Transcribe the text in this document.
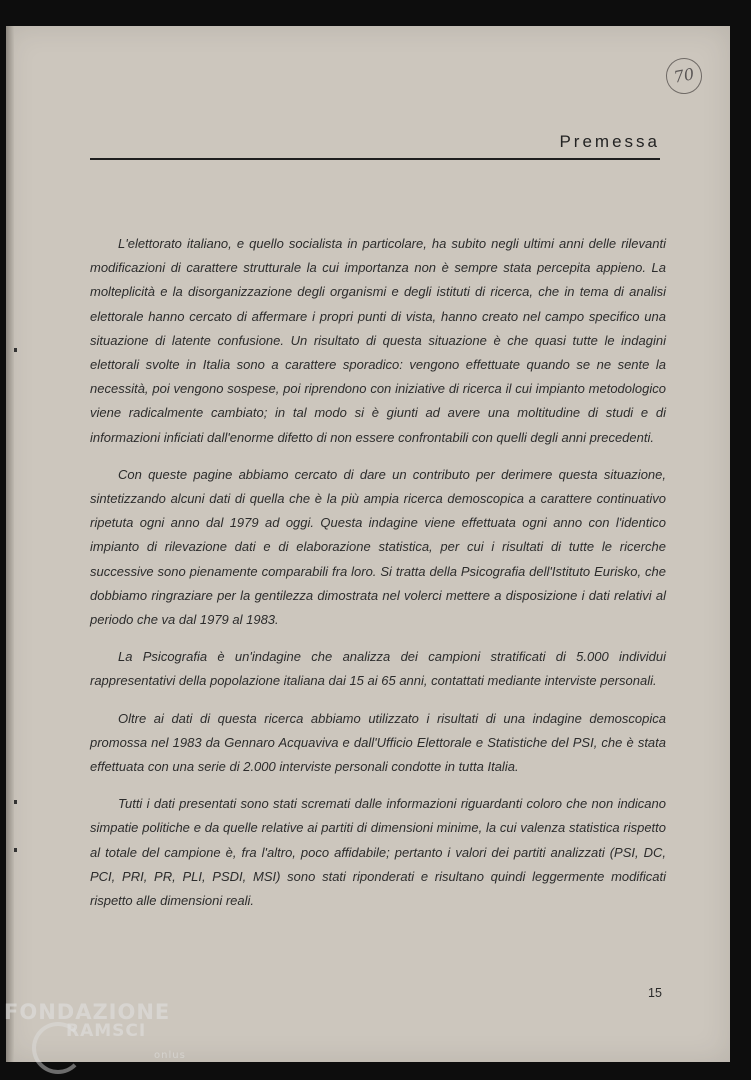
70
Premessa

L'elettorato italiano, e quello socialista in particolare, ha subito negli ultimi anni delle rilevanti modificazioni di carattere strutturale la cui importanza non è sempre stata percepita appieno. La molteplicità e la disorganizzazione degli organismi e degli istituti di ricerca, che in tema di analisi elettorale hanno cercato di affermare i propri punti di vista, hanno creato nel campo specifico una situazione di latente confusione. Un risultato di questa situazione è che quasi tutte le indagini elettorali svolte in Italia sono a carattere sporadico: vengono effettuate quando se ne sente la necessità, poi vengono sospese, poi riprendono con iniziative di ricerca il cui impianto metodologico viene radicalmente cambiato; in tal modo si è giunti ad avere una moltitudine di studi e di informazioni inficiati dall'enorme difetto di non essere confrontabili con quelli degli anni precedenti.

Con queste pagine abbiamo cercato di dare un contributo per derimere questa situazione, sintetizzando alcuni dati di quella che è la più ampia ricerca demoscopica a carattere continuativo ripetuta ogni anno dal 1979 ad oggi. Questa indagine viene effettuata ogni anno con l'identico impianto di rilevazione dati e di elaborazione statistica, per cui i risultati di tutte le ricerche successive sono pienamente comparabili fra loro. Si tratta della Psicografia dell'Istituto Eurisko, che dobbiamo ringraziare per la gentilezza dimostrata nel volerci mettere a disposizione i dati relativi al periodo che va dal 1979 al 1983.

La Psicografia è un'indagine che analizza dei campioni stratificati di 5.000 individui rappresentativi della popolazione italiana dai 15 ai 65 anni, contattati mediante interviste personali.

Oltre ai dati di questa ricerca abbiamo utilizzato i risultati di una indagine demoscopica promossa nel 1983 da Gennaro Acquaviva e dall'Ufficio Elettorale e Statistiche del PSI, che è stata effettuata con una serie di 2.000 interviste personali condotte in tutta Italia.

Tutti i dati presentati sono stati scremati dalle informazioni riguardanti coloro che non indicano simpatie politiche e da quelle relative ai partiti di dimensioni minime, la cui valenza statistica rispetto al totale del campione è, fra l'altro, poco affidabile; pertanto i valori dei partiti analizzati (PSI, DC, PCI, PRI, PR, PLI, PSDI, MSI) sono stati riponderati e risultano quindi leggermente modificati rispetto alle dimensioni reali.

15
FONDAZIONE
RAMSCI
onlus
